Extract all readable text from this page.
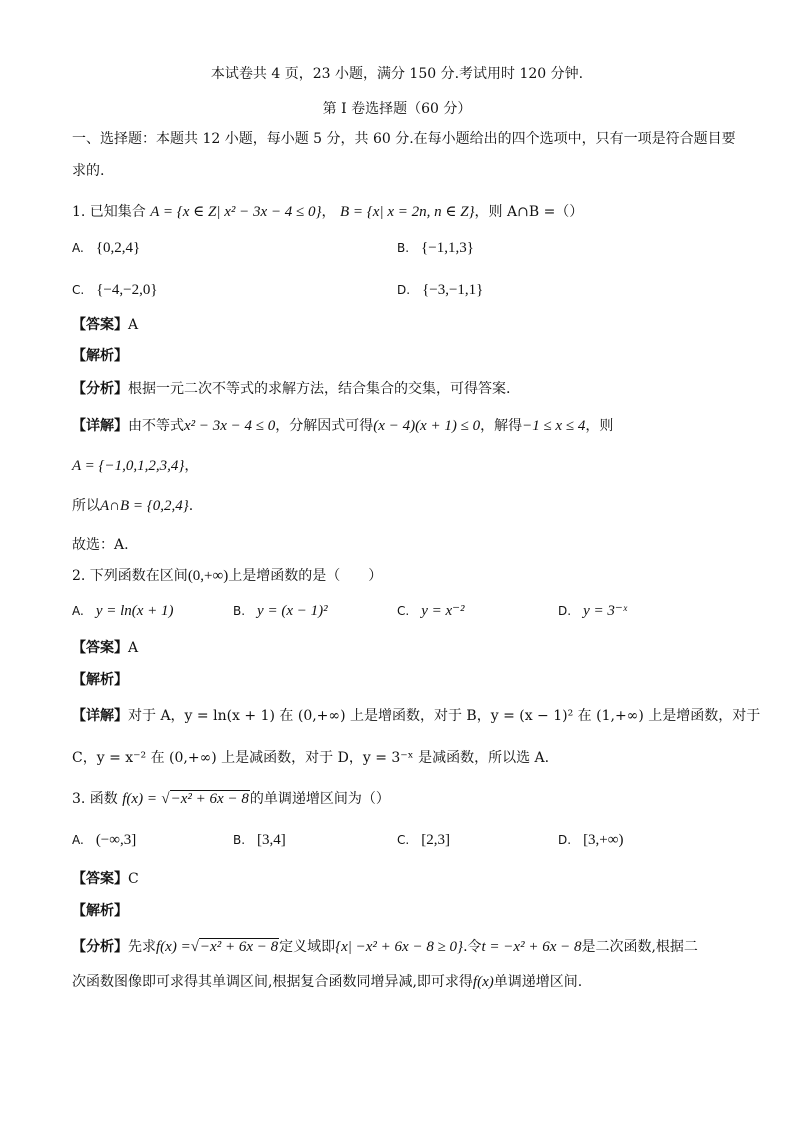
本试卷共 4 页，23 小题，满分 150 分.考试用时 120 分钟.
第 I 卷选择题（60 分）
一、选择题：本题共 12 小题，每小题 5 分，共 60 分.在每小题给出的四个选项中，只有一项是符合题目要
求的.
1. 已知集合 A = {x ∈ Z| x² − 3x − 4 ≤ 0}， B = {x| x = 2n, n ∈ Z}，则 A∩B =（）
A. {0,2,4}	B. {−1,1,3}
C. {−4,−2,0}	D. {−3,−1,1}
【答案】A
【解析】
【分析】根据一元二次不等式的求解方法，结合集合的交集，可得答案.
【详解】由不等式x² − 3x − 4 ≤ 0，分解因式可得(x − 4)(x + 1) ≤ 0，解得−1 ≤ x ≤ 4，则
A = {−1,0,1,2,3,4}，
所以A∩B = {0,2,4}.
故选：A.
2. 下列函数在区间(0,+∞)上是增函数的是（　　）
A. y = ln(x + 1)	B. y = (x − 1)²	C. y = x⁻²	D. y = 3⁻ˣ
【答案】A
【解析】
【详解】对于 A，y = ln(x + 1) 在 (0,+∞) 上是增函数，对于 B，y = (x − 1)² 在 (1,+∞) 上是增函数，对于
C，y = x⁻² 在 (0,+∞) 上是减函数，对于 D，y = 3⁻ˣ 是减函数，所以选 A.
3. 函数 f(x) = √−x² + 6x − 8的单调递增区间为（）
A. (−∞,3]	B. [3,4]	C. [2,3]	D. [3,+∞)
【答案】C
【解析】
【分析】先求f(x) =√−x² + 6x − 8定义域即{x| −x² + 6x − 8 ≥ 0}.令t = −x² + 6x − 8是二次函数,根据二
次函数图像即可求得其单调区间,根据复合函数同增异减,即可求得f(x)单调递增区间.
